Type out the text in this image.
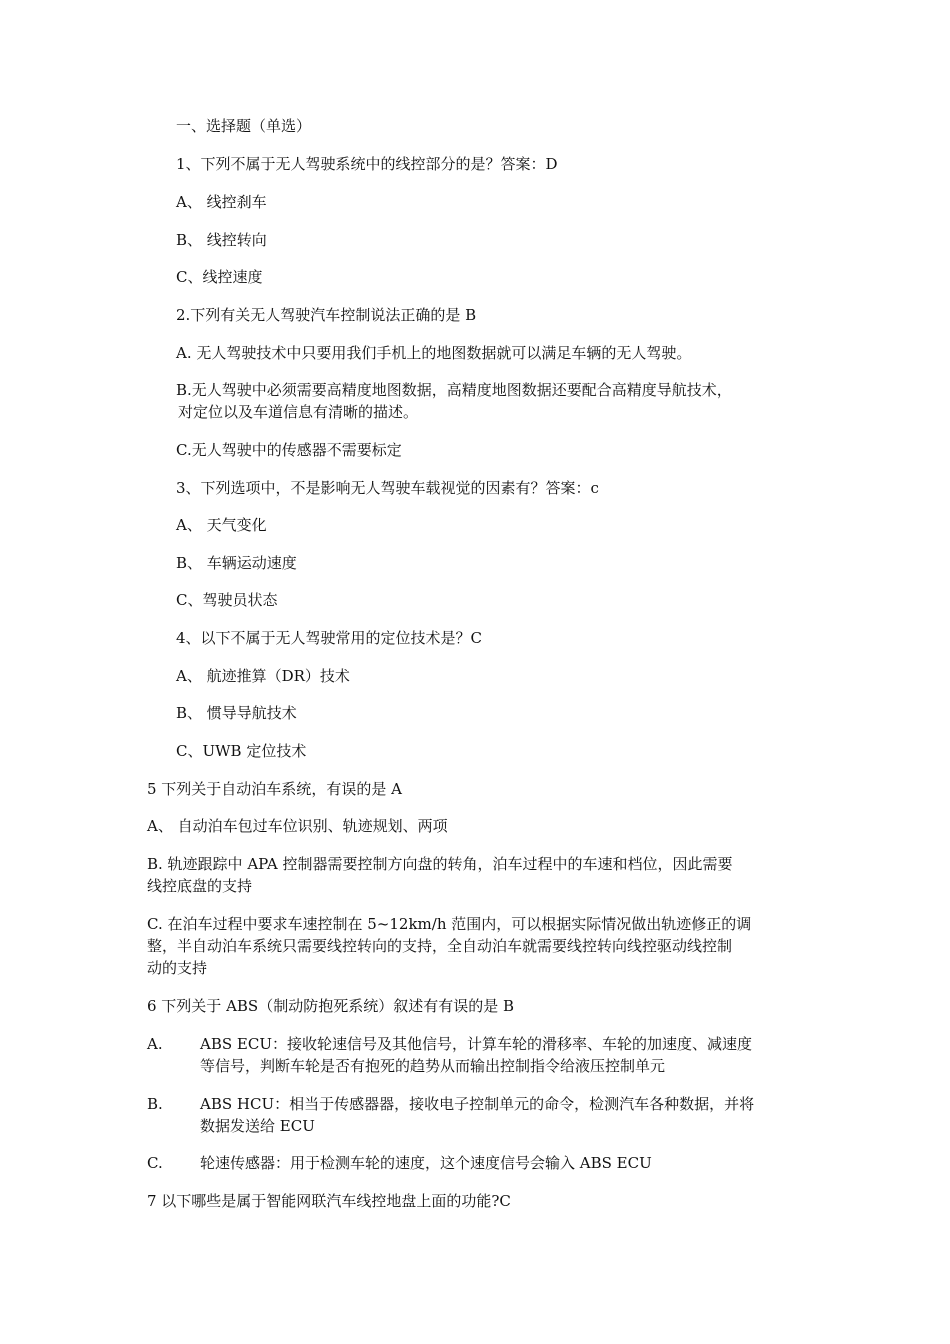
一、选择题（单选）
1、下列不属于无人驾驶系统中的线控部分的是？答案：D
A、 线控刹车
B、 线控转向
C、线控速度
2.下列有关无人驾驶汽车控制说法正确的是 B
A. 无人驾驶技术中只要用我们手机上的地图数据就可以满足车辆的无人驾驶。
B.无人驾驶中必须需要高精度地图数据，高精度地图数据还要配合高精度导航技术，
对定位以及车道信息有清晰的描述。
C.无人驾驶中的传感器不需要标定
3、下列选项中，不是影响无人驾驶车载视觉的因素有？答案：c
A、 天气变化
B、 车辆运动速度
C、驾驶员状态
4、以下不属于无人驾驶常用的定位技术是？C
A、 航迹推算（DR）技术
B、 惯导导航技术
C、UWB 定位技术
5 下列关于自动泊车系统，有误的是 A
A、 自动泊车包过车位识别、轨迹规划、两项
B. 轨迹跟踪中 APA 控制器需要控制方向盘的转角，泊车过程中的车速和档位，因此需要
线控底盘的支持
C. 在泊车过程中要求车速控制在 5~12km/h 范围内，可以根据实际情况做出轨迹修正的调
整，半自动泊车系统只需要线控转向的支持，全自动泊车就需要线控转向线控驱动线控制
动的支持
6 下列关于 ABS（制动防抱死系统）叙述有有误的是 B
A. ABS ECU：接收轮速信号及其他信号，计算车轮的滑移率、车轮的加速度、减速度
等信号，判断车轮是否有抱死的趋势从而输出控制指令给液压控制单元
B. ABS HCU：相当于传感器器，接收电子控制单元的命令，检测汽车各种数据，并将
数据发送给 ECU
C. 轮速传感器：用于检测车轮的速度，这个速度信号会输入 ABS ECU
7 以下哪些是属于智能网联汽车线控地盘上面的功能?C
